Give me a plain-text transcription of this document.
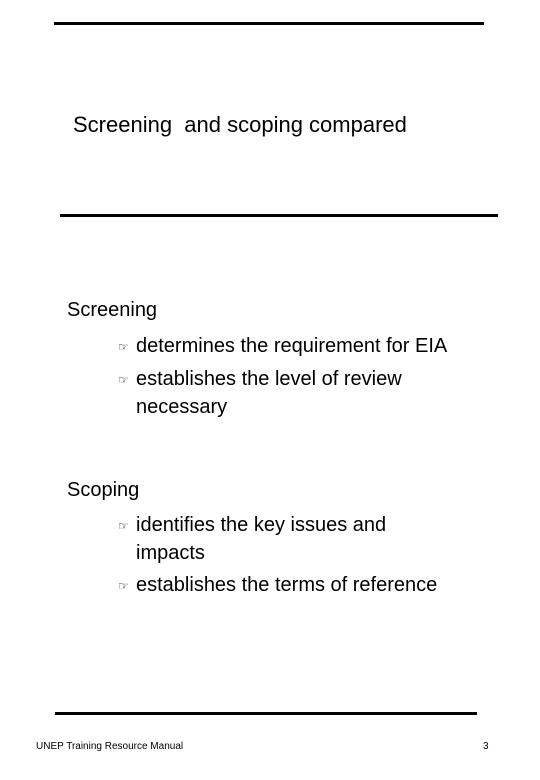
Screening  and scoping compared
Screening
☞ determines the requirement for EIA
☞ establishes the level of review necessary
Scoping
☞ identifies the key issues and impacts
☞ establishes the terms of reference
UNEP Training Resource Manual	3
